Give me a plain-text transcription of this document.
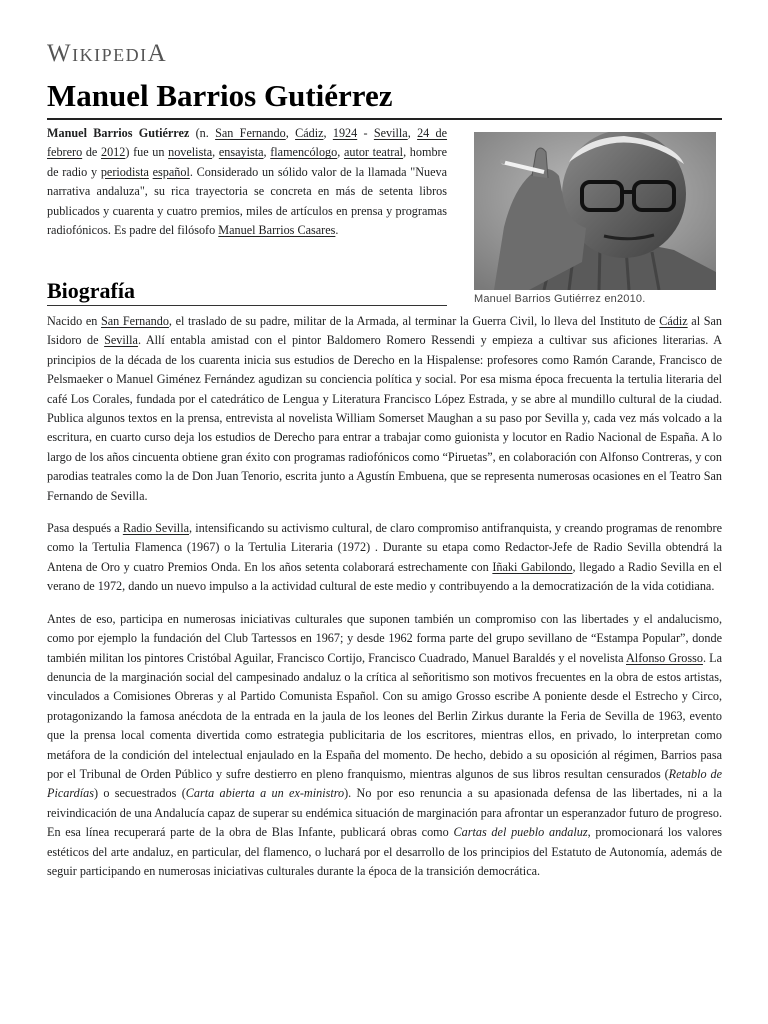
WIKIPEDIA
Manuel Barrios Gutiérrez

Manuel Barrios Gutiérrez (n. San Fernando, Cádiz, 1924 - Sevilla, 24 de febrero de 2012) fue un novelista, ensayista, flamencólogo, autor teatral, hombre de radio y periodista español. Considerado un sólido valor de la llamada "Nueva narrativa andaluza", su rica trayectoria se concreta en más de setenta libros publicados y cuarenta y cuatro premios, miles de artículos en prensa y programas radiofónicos. Es padre del filósofo Manuel Barrios Casares.

Manuel Barrios Gutiérrez en2010.
Biografía

Nacido en San Fernando, el traslado de su padre, militar de la Armada, al terminar la Guerra Civil, lo lleva del Instituto de Cádiz al San Isidoro de Sevilla. Allí entabla amistad con el pintor Baldomero Romero Ressendi y empieza a cultivar sus aficiones literarias. A principios de la década de los cuarenta inicia sus estudios de Derecho en la Hispalense: profesores como Ramón Carande, Francisco de Pelsmaeker o Manuel Giménez Fernández agudizan su conciencia política y social. Por esa misma época frecuenta la tertulia literaria del café Los Corales, fundada por el catedrático de Lengua y Literatura Francisco López Estrada, y se abre al mundillo cultural de la ciudad. Publica algunos textos en la prensa, entrevista al novelista William Somerset Maughan a su paso por Sevilla y, cada vez más volcado a la escritura, en cuarto curso deja los estudios de Derecho para entrar a trabajar como guionista y locutor en Radio Nacional de España. A lo largo de los años cincuenta obtiene gran éxito con programas radiofónicos como “Piruetas”, en colaboración con Alfonso Contreras, y con parodias teatrales como la de Don Juan Tenorio, escrita junto a Agustín Embuena, que se representa numerosas ocasiones en el Teatro San Fernando de Sevilla.

Pasa después a Radio Sevilla, intensificando su activismo cultural, de claro compromiso antifranquista, y creando programas de renombre como la Tertulia Flamenca (1967) o la Tertulia Literaria (1972) . Durante su etapa como Redactor-Jefe de Radio Sevilla obtendrá la Antena de Oro y cuatro Premios Onda. En los años setenta colaborará estrechamente con Iñaki Gabilondo, llegado a Radio Sevilla en el verano de 1972, dando un nuevo impulso a la actividad cultural de este medio y contribuyendo a la democratización de la vida cotidiana.

Antes de eso, participa en numerosas iniciativas culturales que suponen también un compromiso con las libertades y el andalucismo, como por ejemplo la fundación del Club Tartessos en 1967; y desde 1962 forma parte del grupo sevillano de “Estampa Popular”, donde también militan los pintores Cristóbal Aguilar, Francisco Cortijo, Francisco Cuadrado, Manuel Baraldés y el novelista Alfonso Grosso. La denuncia de la marginación social del campesinado andaluz o la crítica al señoritismo son motivos frecuentes en la obra de estos artistas, vinculados a Comisiones Obreras y al Partido Comunista Español. Con su amigo Grosso escribe A poniente desde el Estrecho y Circo, protagonizando la famosa anécdota de la entrada en la jaula de los leones del Berlin Zirkus durante la Feria de Sevilla de 1963, evento que la prensa local comenta divertida como estrategia publicitaria de los escritores, mientras ellos, en privado, lo interpretan como metáfora de la condición del intelectual enjaulado en la España del momento. De hecho, debido a su oposición al régimen, Barrios pasa por el Tribunal de Orden Público y sufre destierro en pleno franquismo, mientras algunos de sus libros resultan censurados (Retablo de Picardías) o secuestrados (Carta abierta a un ex-ministro). No por eso renuncia a su apasionada defensa de las libertades, ni a la reivindicación de una Andalucía capaz de superar su endémica situación de marginación para afrontar un esperanzador futuro de progreso. En esa línea recuperará parte de la obra de Blas Infante, publicará obras como Cartas del pueblo andaluz, promocionará los valores estéticos del arte andaluz, en particular, del flamenco, o luchará por el desarrollo de los principios del Estatuto de Autonomía, además de seguir participando en numerosas iniciativas culturales durante la época de la transición democrática.
